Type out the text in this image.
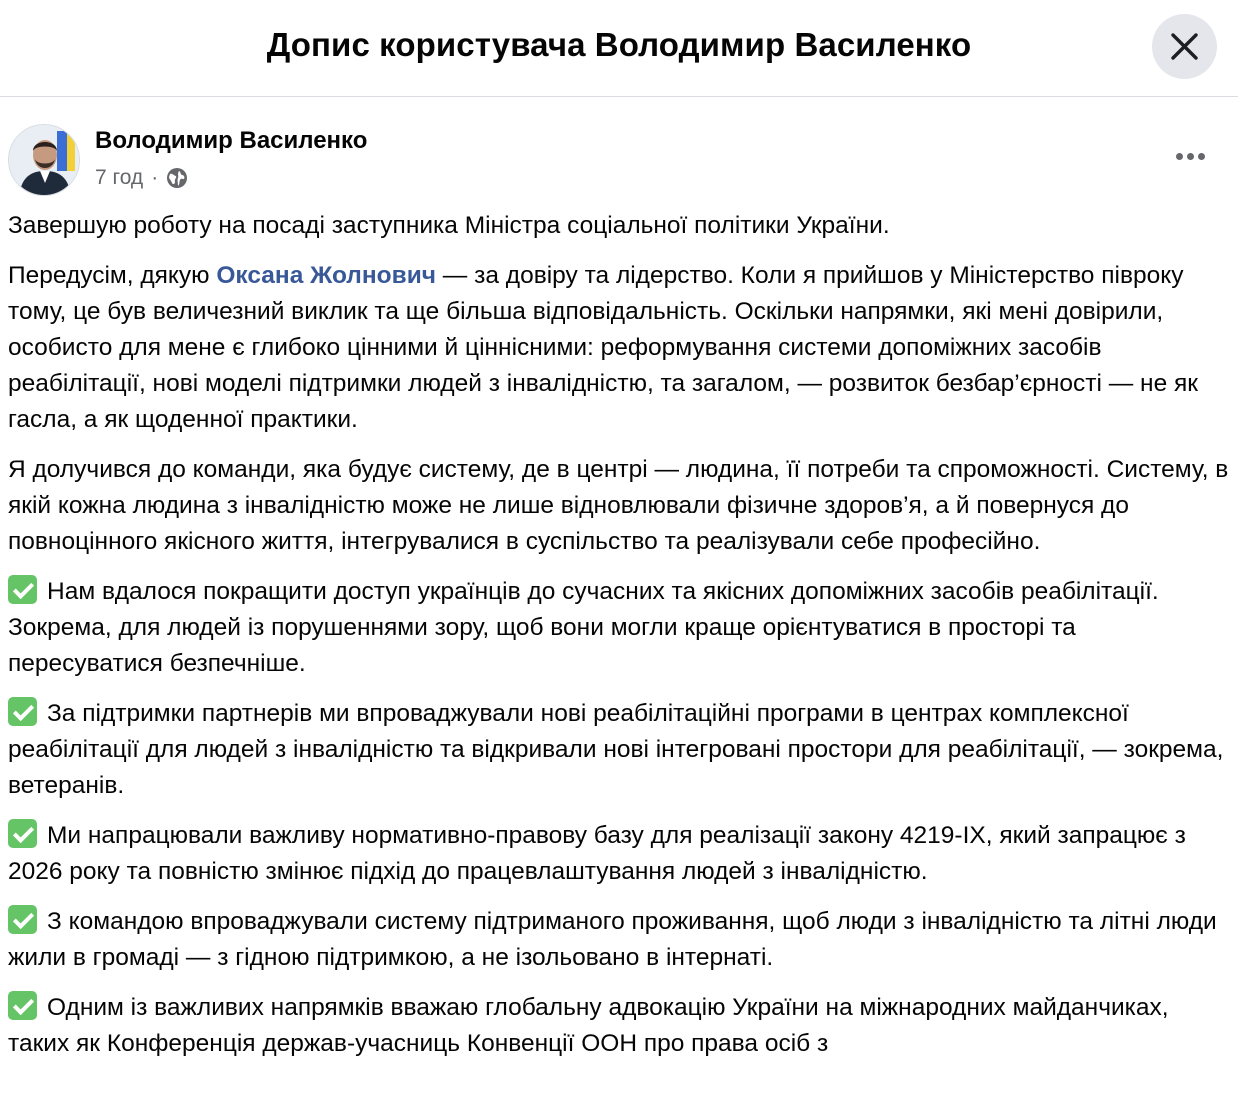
Допис користувача Володимир Василенко
Володимир Василенко
7 год ·

Завершую роботу на посаді заступника Міністра соціальної політики України.

Передусім, дякую Оксана Жолнович — за довіру та лідерство. Коли я прийшов у Міністерство півроку тому, це був величезний виклик та ще більша відповідальність. Оскільки напрямки, які мені довірили, особисто для мене є глибоко цінними й ціннісними: реформування системи допоміжних засобів реабілітації, нові моделі підтримки людей з інвалідністю, та загалом, — розвиток безбар’єрності — не як гасла, а як щоденної практики.

Я долучився до команди, яка будує систему, де в центрі — людина, її потреби та спроможності. Систему, в якій кожна людина з інвалідністю може не лише відновлювали фізичне здоров’я, а й повернуся до повноцінного якісного життя, інтегрувалися в суспільство та реалізували себе професійно.

Нам вдалося покращити доступ українців до сучасних та якісних допоміжних засобів реабілітації. Зокрема, для людей із порушеннями зору, щоб вони могли краще орієнтуватися в просторі та пересуватися безпечніше.

За підтримки партнерів ми впроваджували нові реабілітаційні програми в центрах комплексної реабілітації для людей з інвалідністю та відкривали нові інтегровані простори для реабілітації, — зокрема, ветеранів.

Ми напрацювали важливу нормативно-правову базу для реалізації закону 4219-IX, який запрацює з 2026 року та повністю змінює підхід до працевлаштування людей з інвалідністю.

З командою впроваджували систему підтриманого проживання, щоб люди з інвалідністю та літні люди жили в громаді — з гідною підтримкою, а не ізольовано в інтернаті.

Одним із важливих напрямків вважаю глобальну адвокацію України на міжнародних майданчиках, таких як Конференція держав-учасниць Конвенції ООН про права осіб з
